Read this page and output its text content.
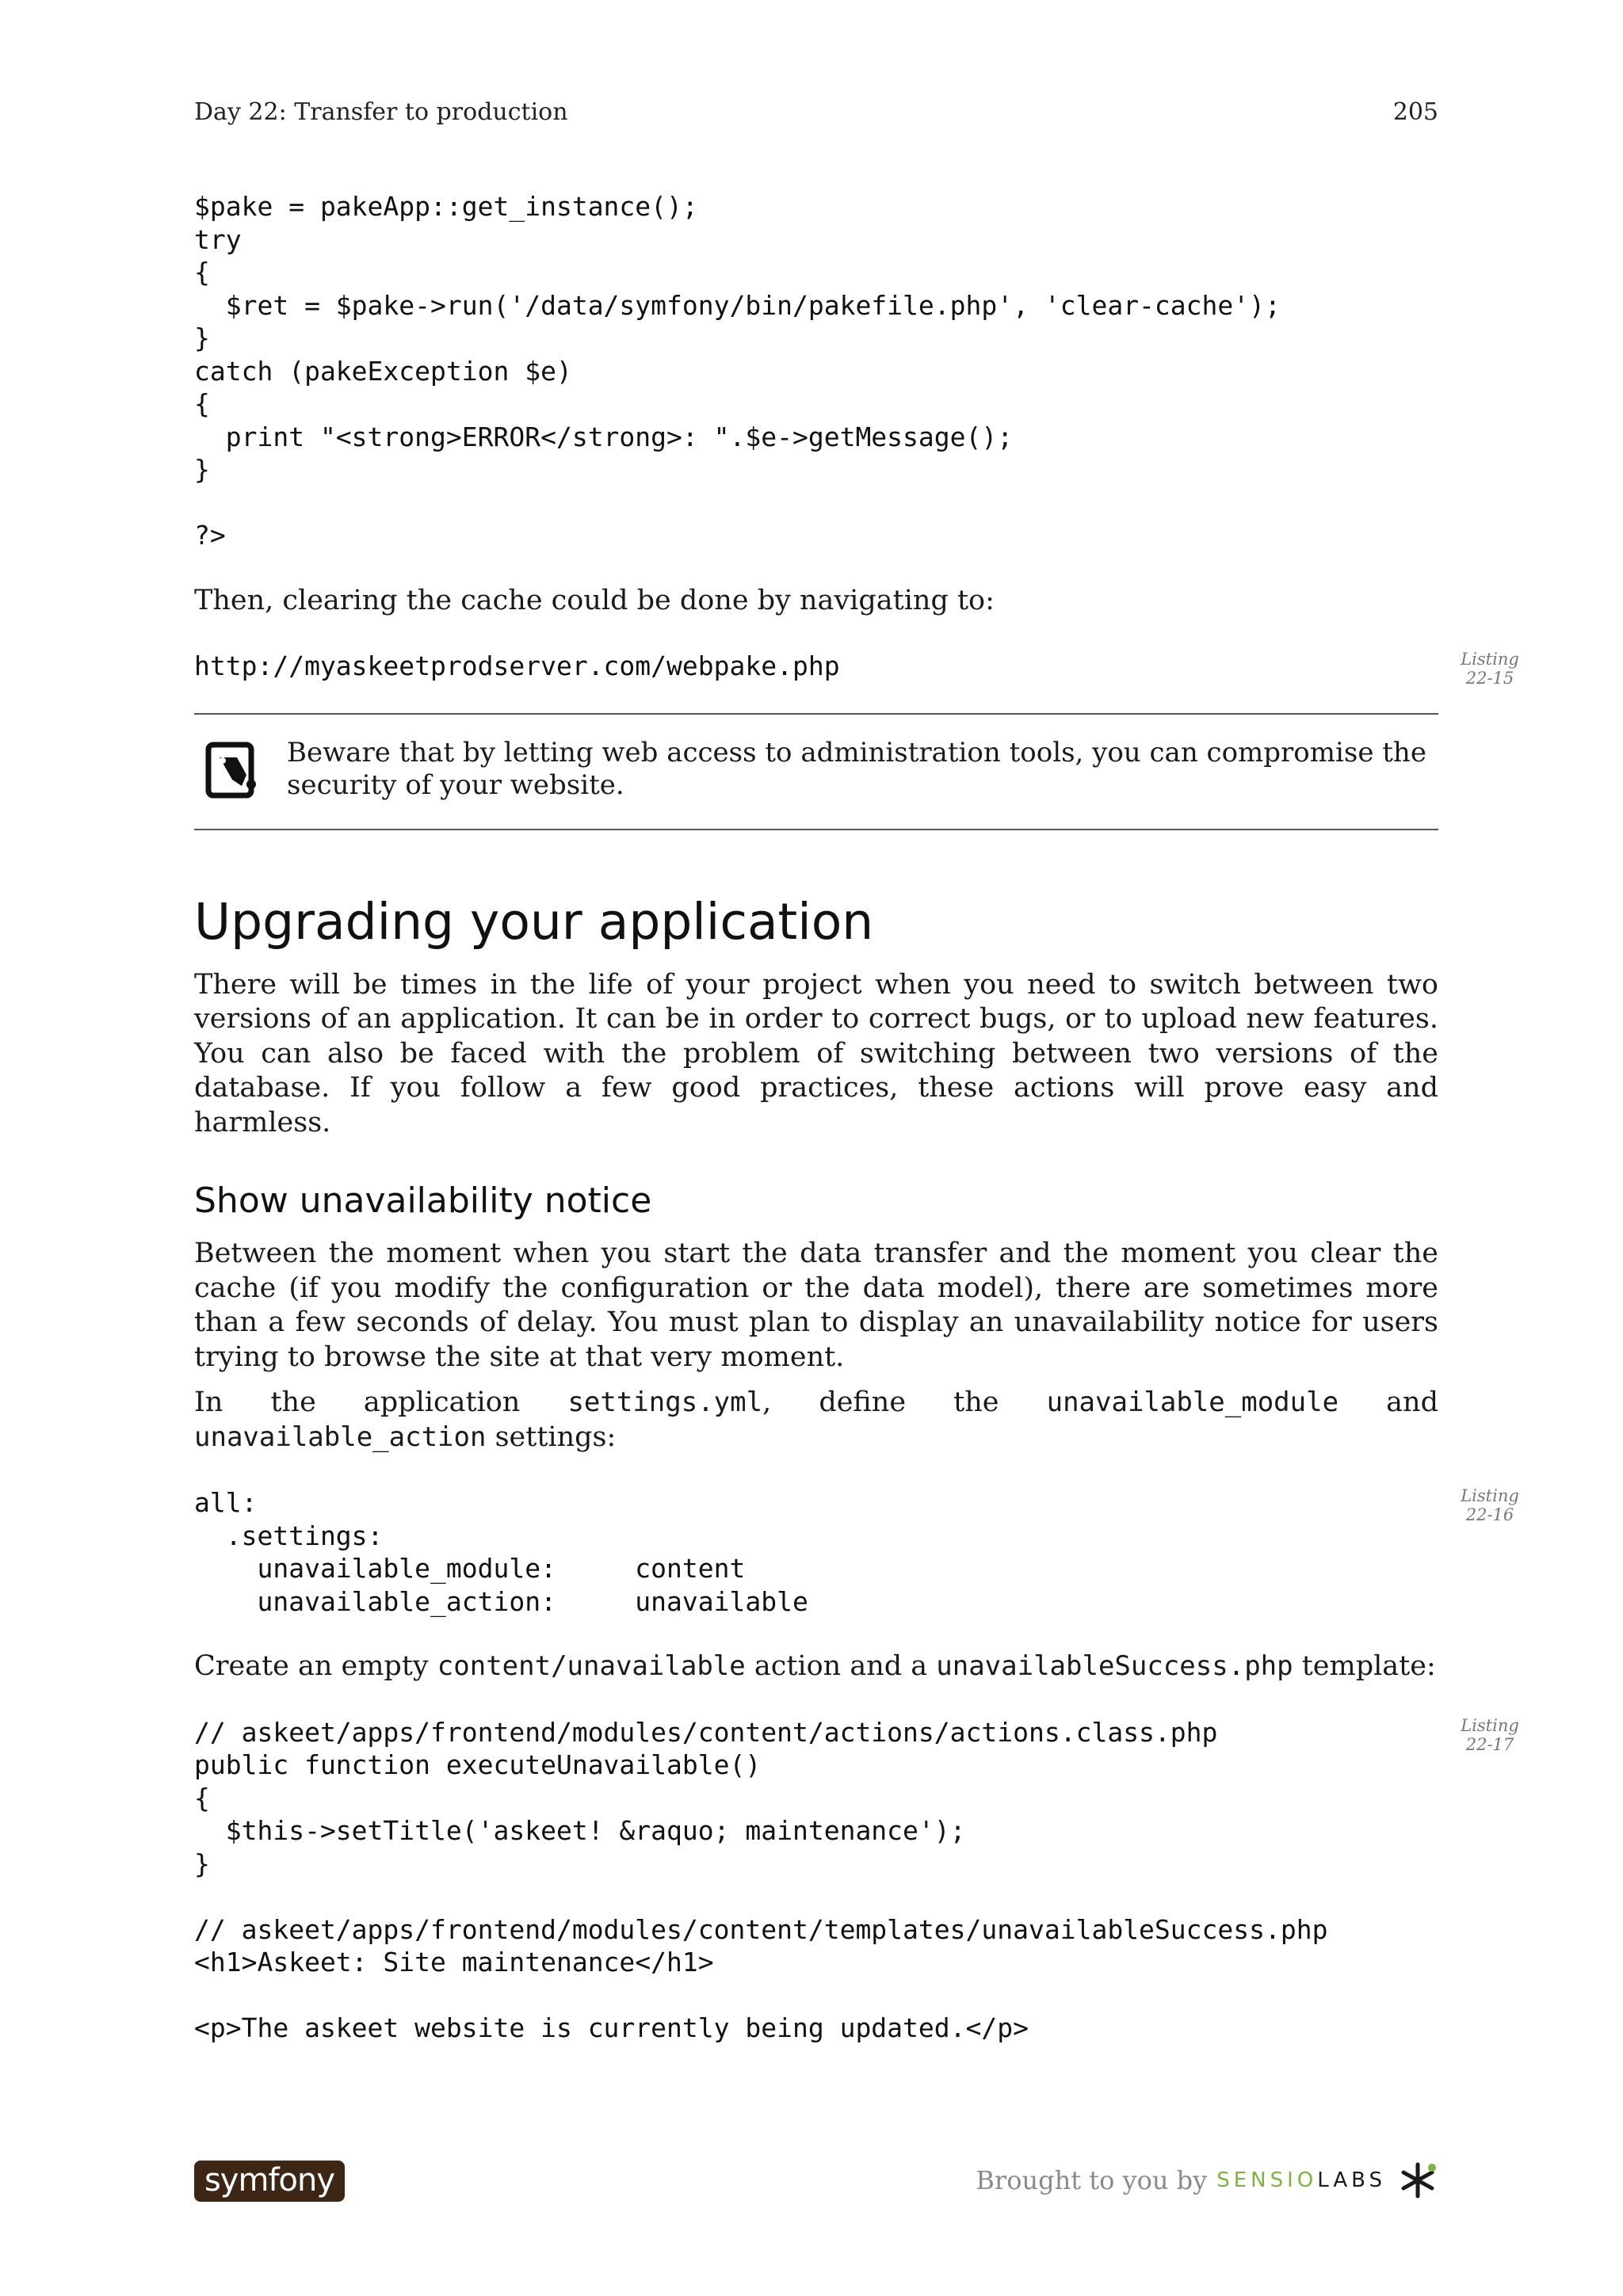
Day 22: Transfer to production	205
$pake = pakeApp::get_instance();
try
{
$ret = $pake->run('/data/symfony/bin/pakefile.php', 'clear-cache');
}
catch (pakeException $e)
{
print "<strong>ERROR</strong>: ".$e->getMessage();
}

?>

Then, clearing the cache could be done by navigating to:

Listing
22-15
http://myaskeetprodserver.com/webpake.php

Beware that by letting web access to administration tools, you can compromise the security of your website.

Upgrading your application

There will be times in the life of your project when you need to switch between two versions of an application. It can be in order to correct bugs, or to upload new features. You can also be faced with the problem of switching between two versions of the database. If you follow a few good practices, these actions will prove easy and harmless.

Show unavailability notice

Between the moment when you start the data transfer and the moment you clear the cache (if you modify the configuration or the data model), there are sometimes more than a few seconds of delay. You must plan to display an unavailability notice for users trying to browse the site at that very moment.

In the application settings.yml, define the unavailable_module and unavailable_action settings:

Listing
22-16
all:
.settings:
unavailable_module:     content
unavailable_action:     unavailable

Create an empty content/unavailable action and a unavailableSuccess.php template:

Listing
22-17
// askeet/apps/frontend/modules/content/actions/actions.class.php
public function executeUnavailable()
{
$this->setTitle('askeet! &raquo; maintenance');
}

// askeet/apps/frontend/modules/content/templates/unavailableSuccess.php
<h1>Askeet: Site maintenance</h1>

<p>The askeet website is currently being updated.</p>
symfony	Brought to you by SENSIO LABS
